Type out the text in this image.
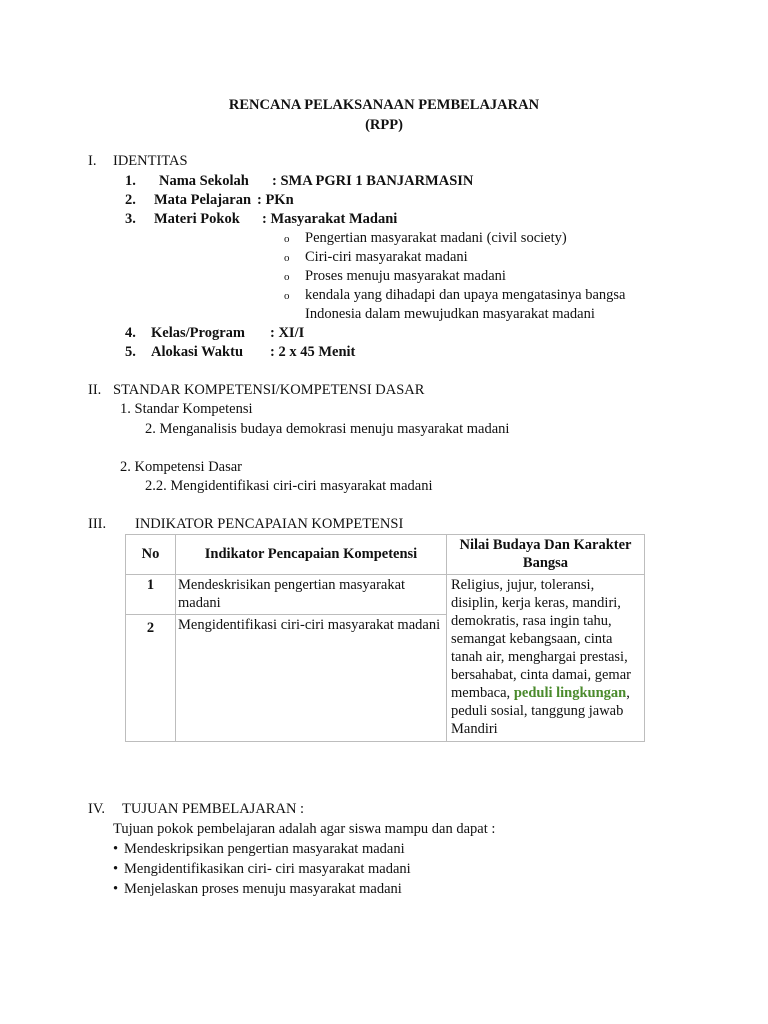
RENCANA PELAKSANAAN PEMBELAJARAN
(RPP)
I. IDENTITAS
1. Nama Sekolah : SMA PGRI 1 BANJARMASIN
2. Mata Pelajaran : PKn
3. Materi Pokok : Masyarakat Madani
o Pengertian masyarakat madani (civil society)
o Ciri-ciri masyarakat madani
o Proses menuju masyarakat madani
o kendala yang dihadapi dan upaya mengatasinya bangsa
Indonesia dalam mewujudkan masyarakat madani
4. Kelas/Program : XI/I
5. Alokasi Waktu : 2 x 45 Menit
II. STANDAR KOMPETENSI/KOMPETENSI DASAR
1. Standar Kompetensi
2. Menganalisis budaya demokrasi menuju masyarakat madani
2. Kompetensi Dasar
2.2. Mengidentifikasi ciri-ciri masyarakat madani
III. INDIKATOR PENCAPAIAN KOMPETENSI
No	Indikator Pencapaian Kompetensi	Nilai Budaya Dan Karakter Bangsa
1	Mendeskrisikan pengertian masyarakat madani	Religius, jujur, toleransi, disiplin, kerja keras, mandiri, demokratis, rasa ingin tahu, semangat kebangsaan, cinta tanah air, menghargai prestasi, bersahabat, cinta damai, gemar membaca, peduli lingkungan, peduli sosial, tanggung jawab Mandiri
2	Mengidentifikasi ciri-ciri masyarakat madani	
IV. TUJUAN PEMBELAJARAN :
Tujuan pokok pembelajaran adalah agar siswa mampu dan dapat :
• Mendeskripsikan pengertian masyarakat madani
• Mengidentifikasikan ciri- ciri masyarakat madani
• Menjelaskan proses menuju masyarakat madani
